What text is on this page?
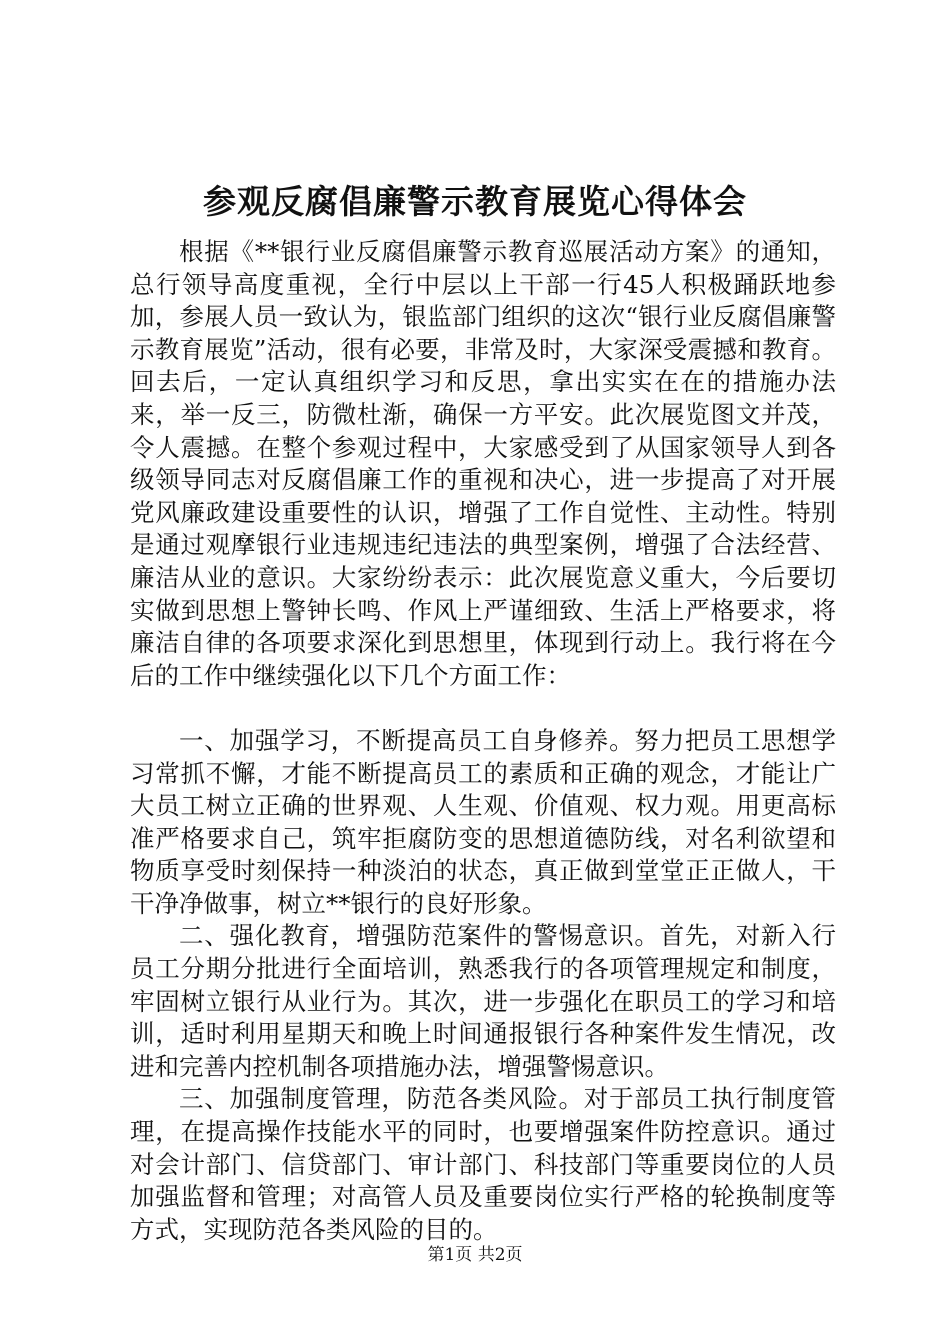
参观反腐倡廉警示教育展览心得体会

根据《**银行业反腐倡廉警示教育巡展活动方案》的通知，总行领导高度重视，全行中层以上干部一行45人积极踊跃地参加，参展人员一致认为，银监部门组织的这次“银行业反腐倡廉警示教育展览”活动，很有必要，非常及时，大家深受震撼和教育。回去后，一定认真组织学习和反思，拿出实实在在的措施办法来，举一反三，防微杜渐，确保一方平安。此次展览图文并茂，令人震撼。在整个参观过程中，大家感受到了从国家领导人到各级领导同志对反腐倡廉工作的重视和决心，进一步提高了对开展党风廉政建设重要性的认识，增强了工作自觉性、主动性。特别是通过观摩银行业违规违纪违法的典型案例，增强了合法经营、廉洁从业的意识。大家纷纷表示：此次展览意义重大，今后要切实做到思想上警钟长鸣、作风上严谨细致、生活上严格要求，将廉洁自律的各项要求深化到思想里，体现到行动上。我行将在今后的工作中继续强化以下几个方面工作：

一、加强学习，不断提高员工自身修养。努力把员工思想学习常抓不懈，才能不断提高员工的素质和正确的观念，才能让广大员工树立正确的世界观、人生观、价值观、权力观。用更高标准严格要求自己，筑牢拒腐防变的思想道德防线，对名利欲望和物质享受时刻保持一种淡泊的状态，真正做到堂堂正正做人，干干净净做事，树立**银行的良好形象。

二、强化教育，增强防范案件的警惕意识。首先，对新入行员工分期分批进行全面培训，熟悉我行的各项管理规定和制度，牢固树立银行从业行为。其次，进一步强化在职员工的学习和培训，适时利用星期天和晚上时间通报银行各种案件发生情况，改进和完善内控机制各项措施办法，增强警惕意识。

三、加强制度管理，防范各类风险。对于部员工执行制度管理，在提高操作技能水平的同时，也要增强案件防控意识。通过对会计部门、信贷部门、审计部门、科技部门等重要岗位的人员加强监督和管理；对高管人员及重要岗位实行严格的轮换制度等方式，实现防范各类风险的目的。

第1页 共2页
